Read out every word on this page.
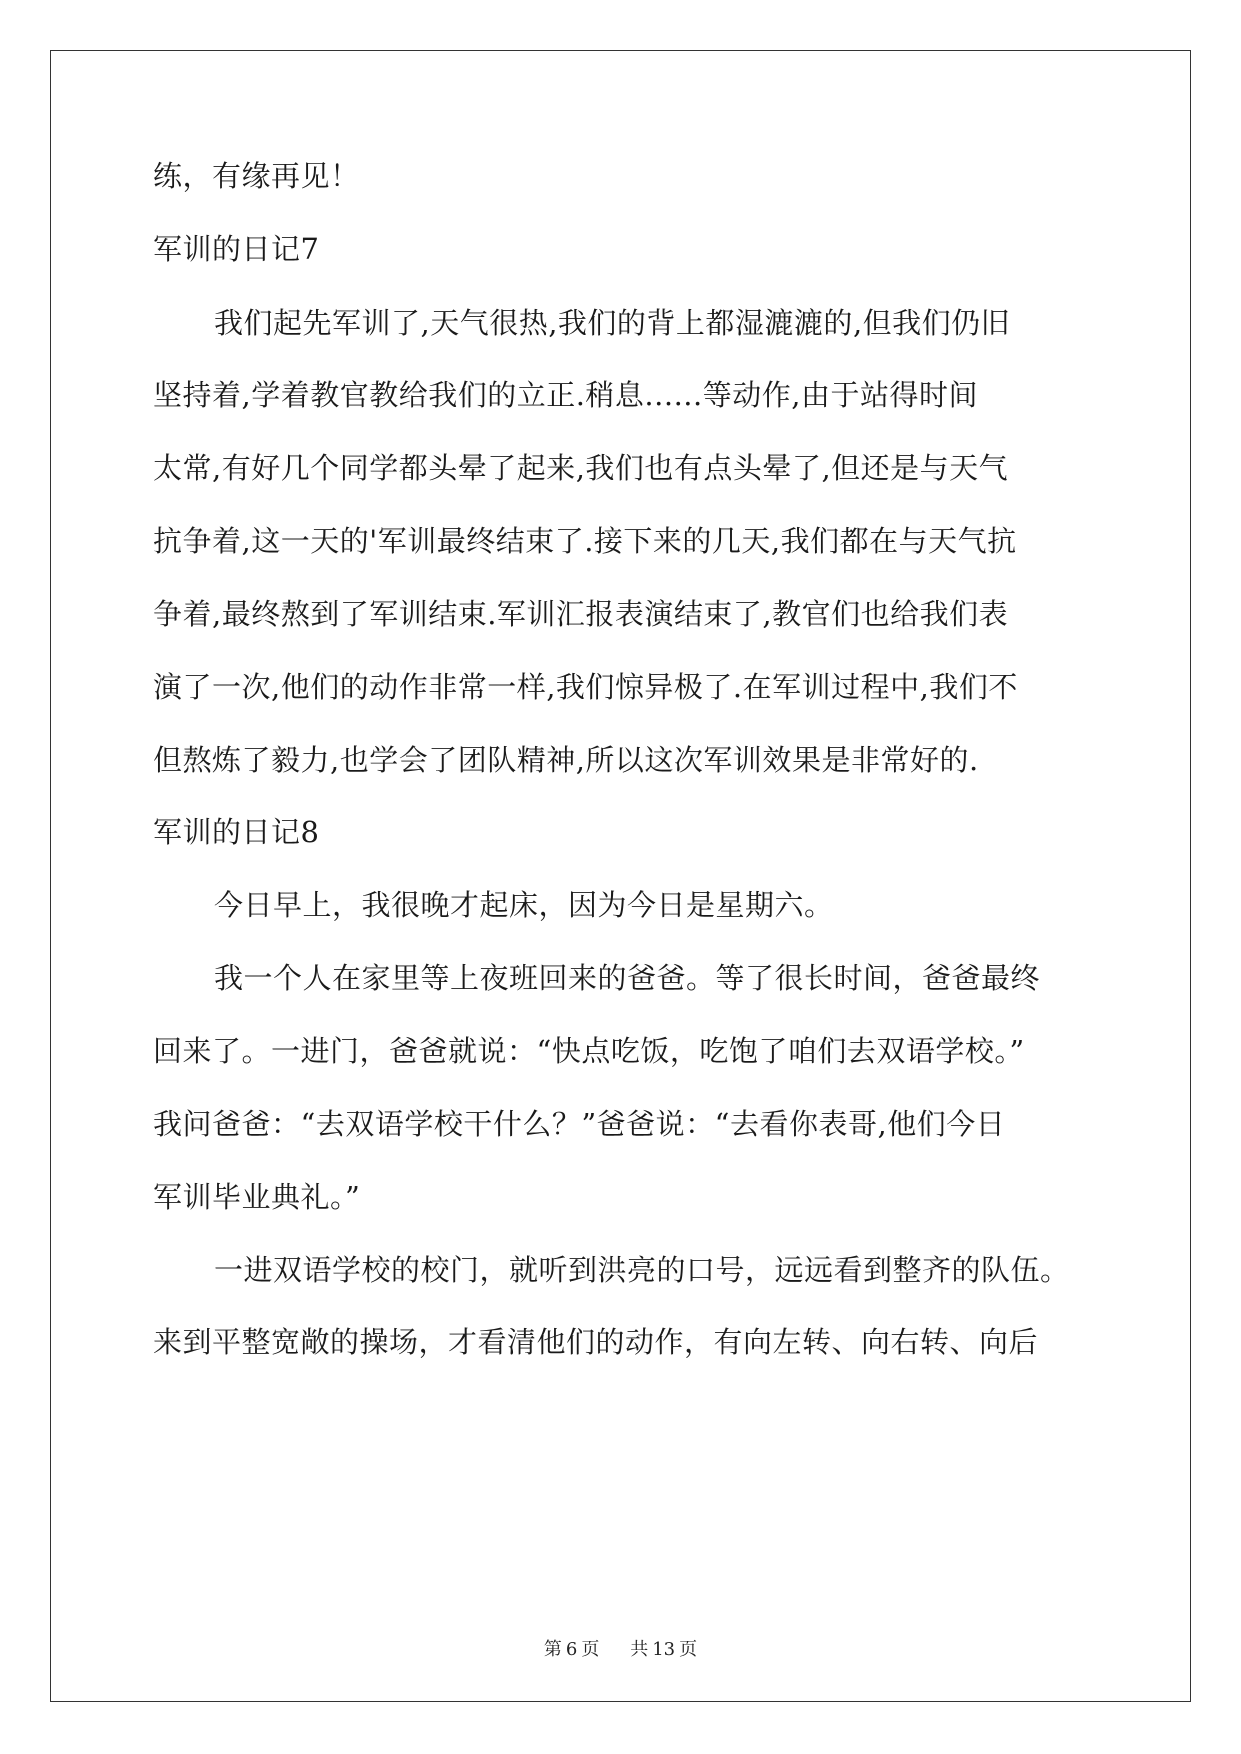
练，有缘再见！
军训的日记7
我们起先军训了,天气很热,我们的背上都湿漉漉的,但我们仍旧
坚持着,学着教官教给我们的立正.稍息......等动作,由于站得时间
太常,有好几个同学都头晕了起来,我们也有点头晕了,但还是与天气
抗争着,这一天的'军训最终结束了.接下来的几天,我们都在与天气抗
争着,最终熬到了军训结束.军训汇报表演结束了,教官们也给我们表
演了一次,他们的动作非常一样,我们惊异极了.在军训过程中,我们不
但熬炼了毅力,也学会了团队精神,所以这次军训效果是非常好的.
军训的日记8
今日早上，我很晚才起床，因为今日是星期六。
我一个人在家里等上夜班回来的爸爸。等了很长时间，爸爸最终
回来了。一进门，爸爸就说：“快点吃饭，吃饱了咱们去双语学校。”
我问爸爸：“去双语学校干什么？”爸爸说：“去看你表哥,他们今日
军训毕业典礼。”
一进双语学校的校门，就听到洪亮的口号，远远看到整齐的队伍。
来到平整宽敞的操场，才看清他们的动作，有向左转、向右转、向后
第 6 页 共 13 页
